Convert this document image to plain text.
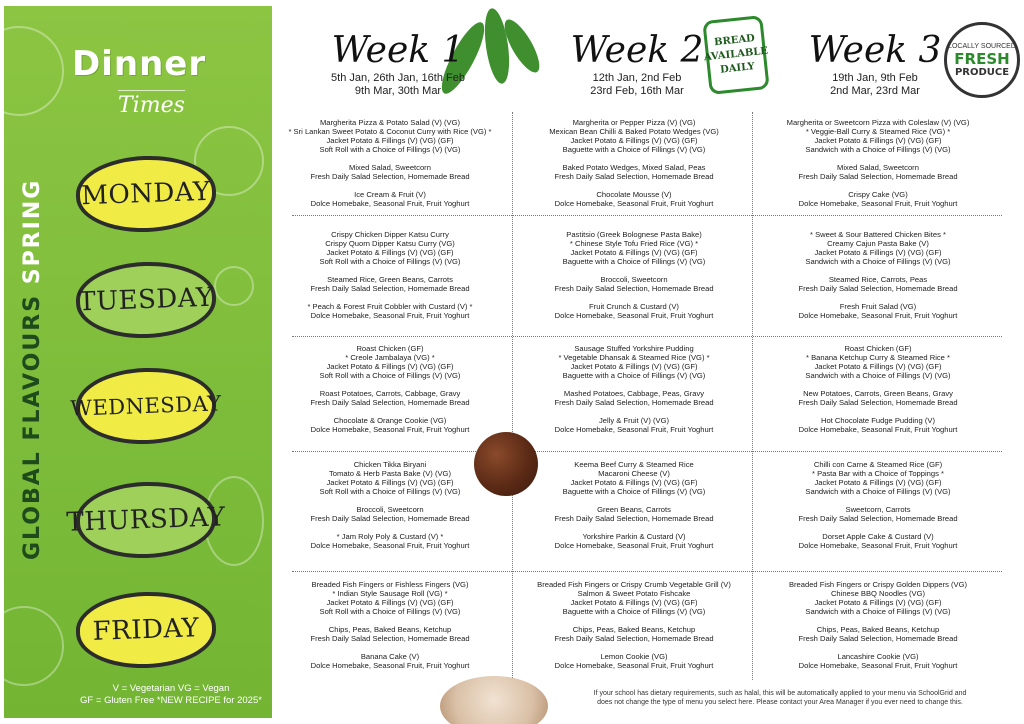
Dinner
Times
GLOBAL FLAVOURS SPRING MONDAY
TUESDAY
WEDNESDAY
THURSDAY
FRIDAY
V = Vegetarian VG = Vegan
GF = Gluten Free *NEW RECIPE for 2025*
BREAD
AVAILABLE
DAILY
LOCALLY SOURCED
FRESH
PRODUCE
Week 1
5th Jan, 26th Jan, 16th Feb
9th Mar, 30th Mar
Week 2
12th Jan, 2nd Feb
23rd Feb, 16th Mar
Week 3
19th Jan, 9th Feb
2nd Mar, 23rd Mar
Margherita Pizza & Potato Salad (V) (VG)
* Sri Lankan Sweet Potato & Coconut Curry with Rice (VG) *
Jacket Potato & Fillings (V) (VG) (GF)
Soft Roll with a Choice of Fillings (V) (VG)
Mixed Salad, Sweetcorn
Fresh Daily Salad Selection, Homemade Bread
Ice Cream & Fruit (V)
Dolce Homebake, Seasonal Fruit, Fruit Yoghurt
Margherita or Pepper Pizza (V) (VG)
Mexican Bean Chilli & Baked Potato Wedges (VG)
Jacket Potato & Fillings (V) (VG) (GF)
Baguette with a Choice of Fillings (V) (VG)
Baked Potato Wedges, Mixed Salad, Peas
Fresh Daily Salad Selection, Homemade Bread
Chocolate Mousse (V)
Dolce Homebake, Seasonal Fruit, Fruit Yoghurt
Margherita or Sweetcorn Pizza with Coleslaw (V) (VG)
* Veggie-Ball Curry & Steamed Rice (VG) *
Jacket Potato & Fillings (V) (VG) (GF)
Sandwich with a Choice of Fillings (V) (VG)
Mixed Salad, Sweetcorn
Fresh Daily Salad Selection, Homemade Bread
Crispy Cake (VG)
Dolce Homebake, Seasonal Fruit, Fruit Yoghurt
Crispy Chicken Dipper Katsu Curry
Crispy Quorn Dipper Katsu Curry (VG)
Jacket Potato & Fillings (V) (VG) (GF)
Soft Roll with a Choice of Fillings (V) (VG)
Steamed Rice, Green Beans, Carrots
Fresh Daily Salad Selection, Homemade Bread
* Peach & Forest Fruit Cobbler with Custard (V) *
Dolce Homebake, Seasonal Fruit, Fruit Yoghurt
Pastitsio (Greek Bolognese Pasta Bake)
* Chinese Style Tofu Fried Rice (VG) *
Jacket Potato & Fillings (V) (VG) (GF)
Baguette with a Choice of Fillings (V) (VG)
Broccoli, Sweetcorn
Fresh Daily Salad Selection, Homemade Bread
Fruit Crunch & Custard (V)
Dolce Homebake, Seasonal Fruit, Fruit Yoghurt
* Sweet & Sour Battered Chicken Bites *
Creamy Cajun Pasta Bake (V)
Jacket Potato & Fillings (V) (VG) (GF)
Sandwich with a Choice of Fillings (V) (VG)
Steamed Rice, Carrots, Peas
Fresh Daily Salad Selection, Homemade Bread
Fresh Fruit Salad (VG)
Dolce Homebake, Seasonal Fruit, Fruit Yoghurt
Roast Chicken (GF)
* Creole Jambalaya (VG) *
Jacket Potato & Fillings (V) (VG) (GF)
Soft Roll with a Choice of Fillings (V) (VG)
Roast Potatoes, Carrots, Cabbage, Gravy
Fresh Daily Salad Selection, Homemade Bread
Chocolate & Orange Cookie (VG)
Dolce Homebake, Seasonal Fruit, Fruit Yoghurt
Sausage Stuffed Yorkshire Pudding
* Vegetable Dhansak & Steamed Rice (VG) *
Jacket Potato & Fillings (V) (VG) (GF)
Baguette with a Choice of Fillings (V) (VG)
Mashed Potatoes, Cabbage, Peas, Gravy
Fresh Daily Salad Selection, Homemade Bread
Jelly & Fruit (V) (VG)
Dolce Homebake, Seasonal Fruit, Fruit Yoghurt
Roast Chicken (GF)
* Banana Ketchup Curry & Steamed Rice *
Jacket Potato & Fillings (V) (VG) (GF)
Sandwich with a Choice of Fillings (V) (VG)
New Potatoes, Carrots, Green Beans, Gravy
Fresh Daily Salad Selection, Homemade Bread
Hot Chocolate Fudge Pudding (V)
Dolce Homebake, Seasonal Fruit, Fruit Yoghurt
Chicken Tikka Biryani
Tomato & Herb Pasta Bake (V) (VG)
Jacket Potato & Fillings (V) (VG) (GF)
Soft Roll with a Choice of Fillings (V) (VG)
Broccoli, Sweetcorn
Fresh Daily Salad Selection, Homemade Bread
* Jam Roly Poly & Custard (V) *
Dolce Homebake, Seasonal Fruit, Fruit Yoghurt
Keema Beef Curry & Steamed Rice
Macaroni Cheese (V)
Jacket Potato & Fillings (V) (VG) (GF)
Baguette with a Choice of Fillings (V) (VG)
Green Beans, Carrots
Fresh Daily Salad Selection, Homemade Bread
Yorkshire Parkin & Custard (V)
Dolce Homebake, Seasonal Fruit, Fruit Yoghurt
Chilli con Carne & Steamed Rice (GF)
* Pasta Bar with a Choice of Toppings *
Jacket Potato & Fillings (V) (VG) (GF)
Sandwich with a Choice of Fillings (V) (VG)
Sweetcorn, Carrots
Fresh Daily Salad Selection, Homemade Bread
Dorset Apple Cake & Custard (V)
Dolce Homebake, Seasonal Fruit, Fruit Yoghurt
Breaded Fish Fingers or Fishless Fingers (VG)
* Indian Style Sausage Roll (VG) *
Jacket Potato & Fillings (V) (VG) (GF)
Soft Roll with a Choice of Fillings (V) (VG)
Chips, Peas, Baked Beans, Ketchup
Fresh Daily Salad Selection, Homemade Bread
Banana Cake (V)
Dolce Homebake, Seasonal Fruit, Fruit Yoghurt
Breaded Fish Fingers or Crispy Crumb Vegetable Grill (V)
Salmon & Sweet Potato Fishcake
Jacket Potato & Fillings (V) (VG) (GF)
Baguette with a Choice of Fillings (V) (VG)
Chips, Peas, Baked Beans, Ketchup
Fresh Daily Salad Selection, Homemade Bread
Lemon Cookie (VG)
Dolce Homebake, Seasonal Fruit, Fruit Yoghurt
Breaded Fish Fingers or Crispy Golden Dippers (VG)
Chinese BBQ Noodles (VG)
Jacket Potato & Fillings (V) (VG) (GF)
Sandwich with a Choice of Fillings (V) (VG)
Chips, Peas, Baked Beans, Ketchup
Fresh Daily Salad Selection, Homemade Bread
Lancashire Cookie (VG)
Dolce Homebake, Seasonal Fruit, Fruit Yoghurt
If your school has dietary requirements, such as halal, this will be automatically applied to your menu via SchoolGrid and
does not change the type of menu you select here. Please contact your Area Manager if you ever need to change this.
